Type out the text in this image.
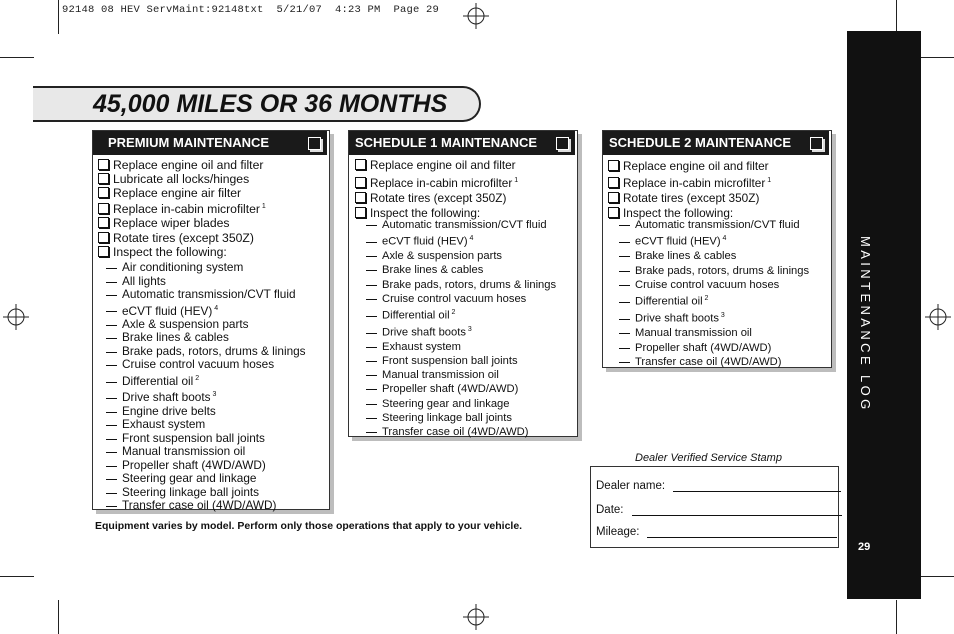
92148 08 HEV ServMaint:92148txt  5/21/07  4:23 PM  Page 29
45,000 MILES OR 36 MONTHS
PREMIUM MAINTENANCE
Replace engine oil and filter
Lubricate all locks/hinges
Replace engine air filter
Replace in-cabin microfilter $^1$
Replace wiper blades
Rotate tires (except 350Z)
Inspect the following:
Air conditioning system
All lights
Automatic transmission/CVT fluid
eCVT fluid (HEV) $^4$
Axle & suspension parts
Brake lines & cables
Brake pads, rotors, drums & linings
Cruise control vacuum hoses
Differential oil $^2$
Drive shaft boots $^3$
Engine drive belts
Exhaust system
Front suspension ball joints
Manual transmission oil
Propeller shaft (4WD/AWD)
Steering gear and linkage
Steering linkage ball joints
Transfer case oil (4WD/AWD)
SCHEDULE 1 MAINTENANCE
Replace engine oil and filter
Replace in-cabin microfilter $^1$
Rotate tires (except 350Z)
Inspect the following:
Automatic transmission/CVT fluid
eCVT fluid (HEV) $^4$
Axle & suspension parts
Brake lines & cables
Brake pads, rotors, drums & linings
Cruise control vacuum hoses
Differential oil $^2$
Drive shaft boots $^3$
Exhaust system
Front suspension ball joints
Manual transmission oil
Propeller shaft (4WD/AWD)
Steering gear and linkage
Steering linkage ball joints
Transfer case oil (4WD/AWD)
SCHEDULE 2 MAINTENANCE
Replace engine oil and filter
Replace in-cabin microfilter $^1$
Rotate tires (except 350Z)
Inspect the following:
Automatic transmission/CVT fluid
eCVT fluid (HEV) $^4$
Brake lines & cables
Brake pads, rotors, drums & linings
Cruise control vacuum hoses
Differential oil $^2$
Drive shaft boots $^3$
Manual transmission oil
Propeller shaft (4WD/AWD)
Transfer case oil (4WD/AWD)
Equipment varies by model. Perform only those operations that apply to your vehicle.
Dealer Verified Service Stamp
Dealer name:
Date:
Mileage:
MAINTENANCE LOG
29
